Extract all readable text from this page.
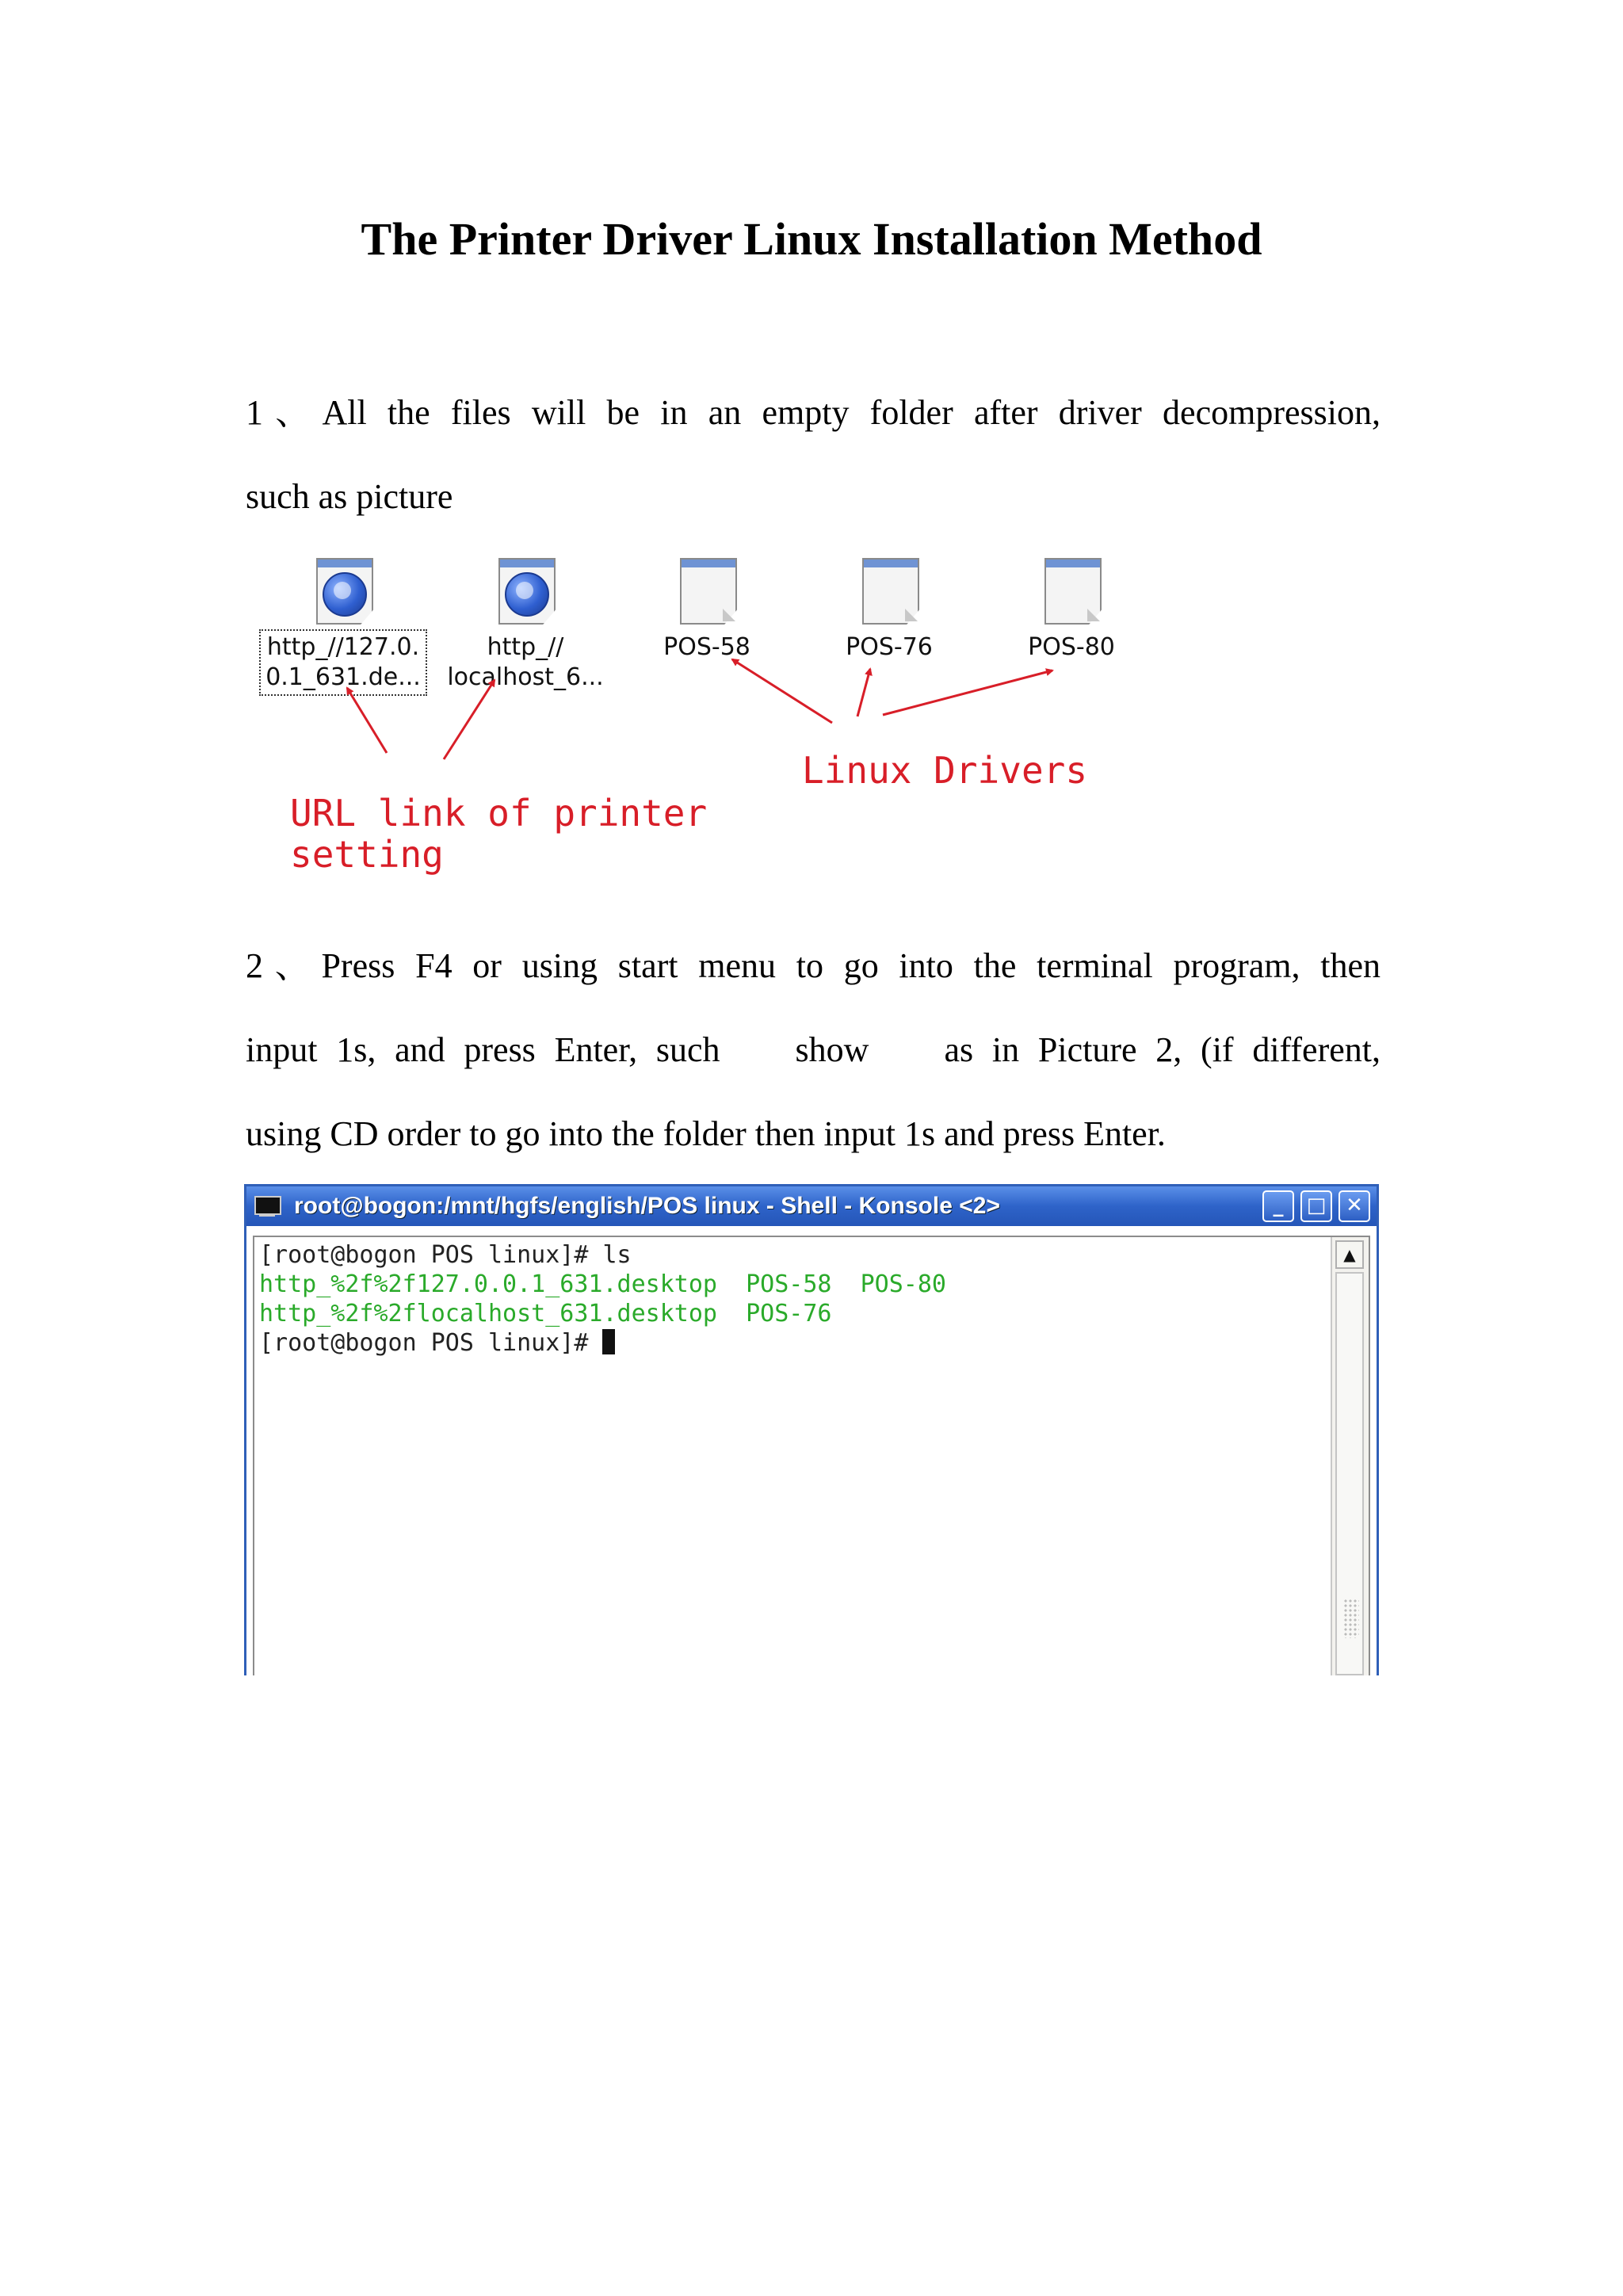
The Printer Driver Linux Installation Method
1、All the files will be in an empty folder after driver decompression,
such as picture
http_//127.0.
0.1_631.de...
http_//
localhost_6...
POS-58	POS-76	POS-80
URL link of printer
setting
Linux Drivers
2、Press F4 or using start menu to go into the terminal program, then
input 1s, and press Enter, such    show    as in Picture 2, (if different,
using CD order to go into the folder then input 1s and press Enter.
root@bogon:/mnt/hgfs/english/POS linux - Shell - Konsole <2>	_	□ ✕
[root@bogon POS linux]# ls
http_%2f%2f127.0.0.1_631.desktop  POS-58  POS-80
http_%2f%2flocalhost_631.desktop  POS-76
[root@bogon POS linux]#
▲
